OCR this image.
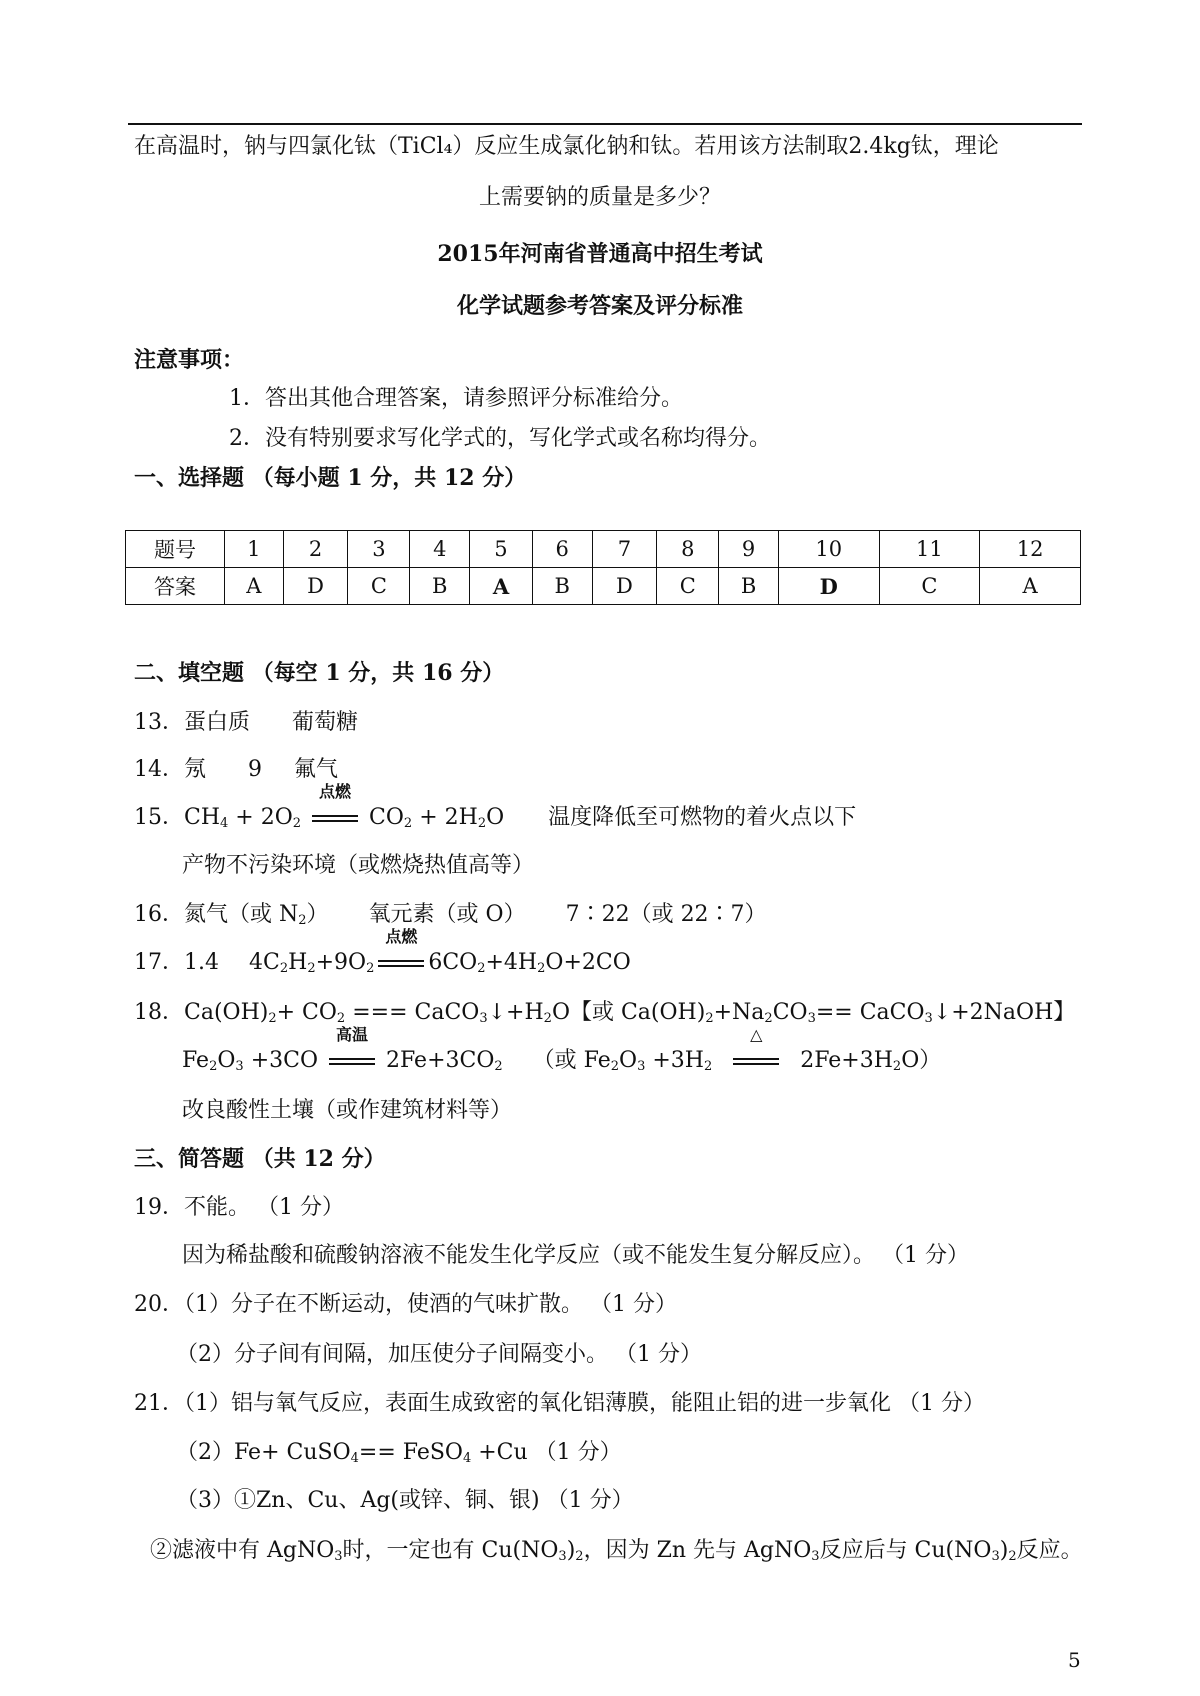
在高温时，钠与四氯化钛（TiCl₄）反应生成氯化钠和钛。若用该方法制取2.4kg钛，理论
上需要钠的质量是多少？
2015年河南省普通高中招生考试
化学试题参考答案及评分标准
注意事项：
1．答出其他合理答案，请参照评分标准给分。
2．没有特别要求写化学式的，写化学式或名称均得分。
一、选择题 （每小题 1 分，共 12 分）
题号	1	2	3	4	5	6	7	8	9	10	11	12
答案	A	D	C	B	A	B	D	C	B	D	C	A
二、填空题 （每空 1 分，共 16 分）
13．蛋白质 葡萄糖
14．氖 9 氟气
15．$CH_4 + 2O_2$
点燃
$CO_2 + 2H_2O$ 温度降低至可燃物的着火点以下
产物不污染环境（或燃烧热值高等）
16．氮气（或 $N_2$） 氧元素（或 O） 7∶22（或 22∶7）
17．1.4 $4C_2H_2+9O_2$
点燃
$6CO_2+4H_2O+2CO$
18．$Ca(OH)_2+ CO_2$ === $CaCO_3↓+H_2O$【或 $Ca(OH)_2+Na_2CO_3==$ CaCO$_3$↓+2NaOH】
$Fe_2O_3 +3CO$
高温
$2Fe+3CO_2$ （或 $Fe_2O_3 +3H_2$
△
$2Fe+3H_2O$）
改良酸性土壤（或作建筑材料等）
三、简答题 （共 12 分）
19．不能。 （1 分）
因为稀盐酸和硫酸钠溶液不能发生化学反应（或不能发生复分解反应）。 （1 分）
20．（1）分子在不断运动，使酒的气味扩散。 （1 分）
（2）分子间有间隔，加压使分子间隔变小。 （1 分）
21．（1）铝与氧气反应，表面生成致密的氧化铝薄膜，能阻止铝的进一步氧化 （1 分）
（2）Fe+ CuSO$_4$== FeSO$_4$ +Cu （1 分）
（3）①Zn、Cu、Ag(或锌、铜、银) （1 分）
②滤液中有 AgNO$_3$时，一定也有 $Cu(NO_3)_2$，因为 Zn 先与 AgNO$_3$反应后与 $Cu(NO_3)_2$反应。
5
